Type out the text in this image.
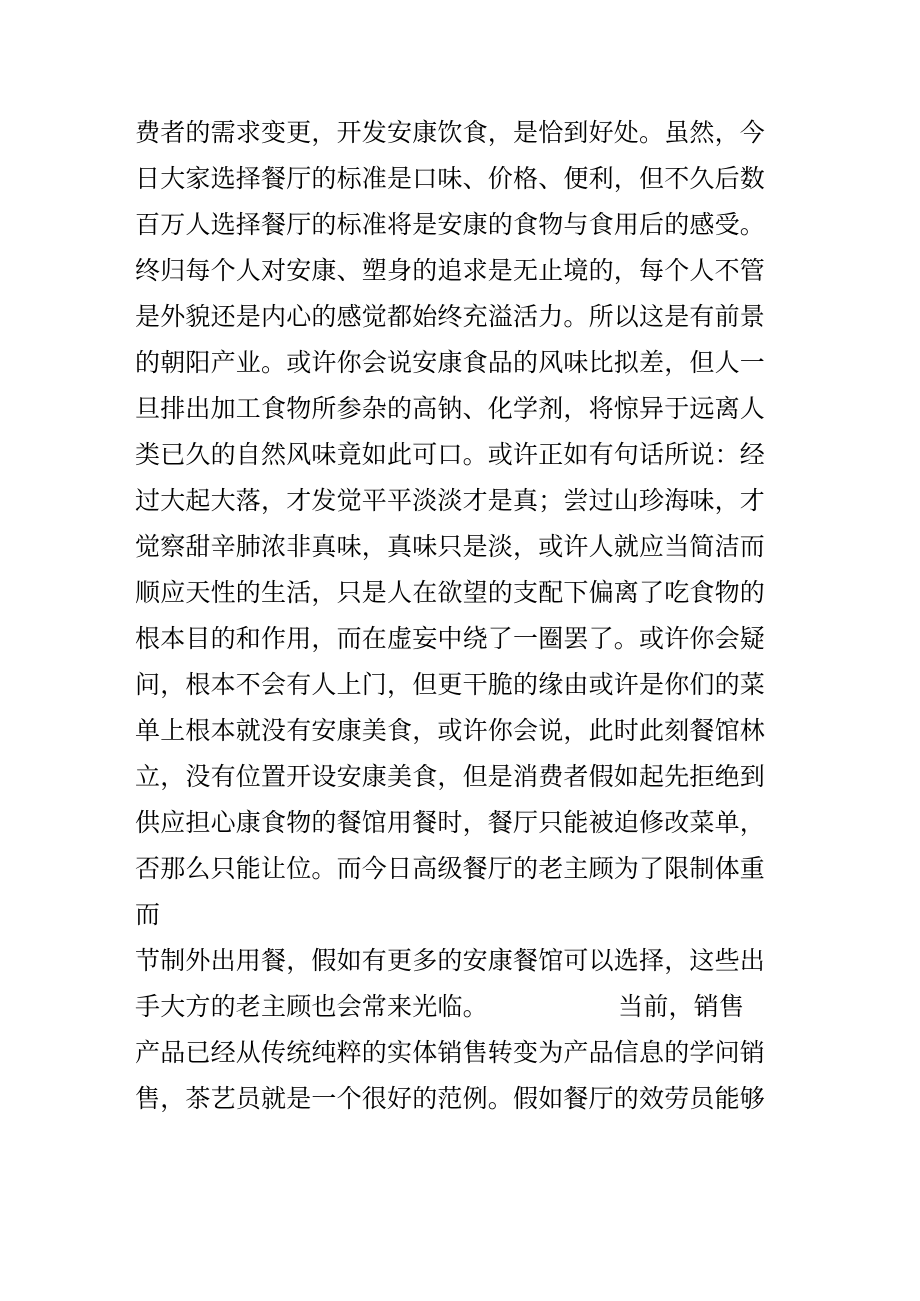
费者的需求变更，开发安康饮食，是恰到好处。虽然，今
日大家选择餐厅的标准是口味、价格、便利，但不久后数
百万人选择餐厅的标准将是安康的食物与食用后的感受。
终归每个人对安康、塑身的追求是无止境的，每个人不管
是外貌还是内心的感觉都始终充溢活力。所以这是有前景
的朝阳产业。或许你会说安康食品的风味比拟差，但人一
旦排出加工食物所参杂的高钠、化学剂，将惊异于远离人
类已久的自然风味竟如此可口。或许正如有句话所说：经
过大起大落，才发觉平平淡淡才是真；尝过山珍海味，才
觉察甜辛肺浓非真味，真味只是淡，或许人就应当简洁而
顺应天性的生活，只是人在欲望的支配下偏离了吃食物的
根本目的和作用，而在虚妄中绕了一圈罢了。或许你会疑
问，根本不会有人上门，但更干脆的缘由或许是你们的菜
单上根本就没有安康美食，或许你会说，此时此刻餐馆林
立，没有位置开设安康美食，但是消费者假如起先拒绝到
供应担心康食物的餐馆用餐时，餐厅只能被迫修改菜单，
否那么只能让位。而今日高级餐厅的老主顾为了限制体重
而
节制外出用餐，假如有更多的安康餐馆可以选择，这些出
手大方的老主顾也会常来光临。                当前，销售
产品已经从传统纯粹的实体销售转变为产品信息的学问销
售，茶艺员就是一个很好的范例。假如餐厅的效劳员能够
